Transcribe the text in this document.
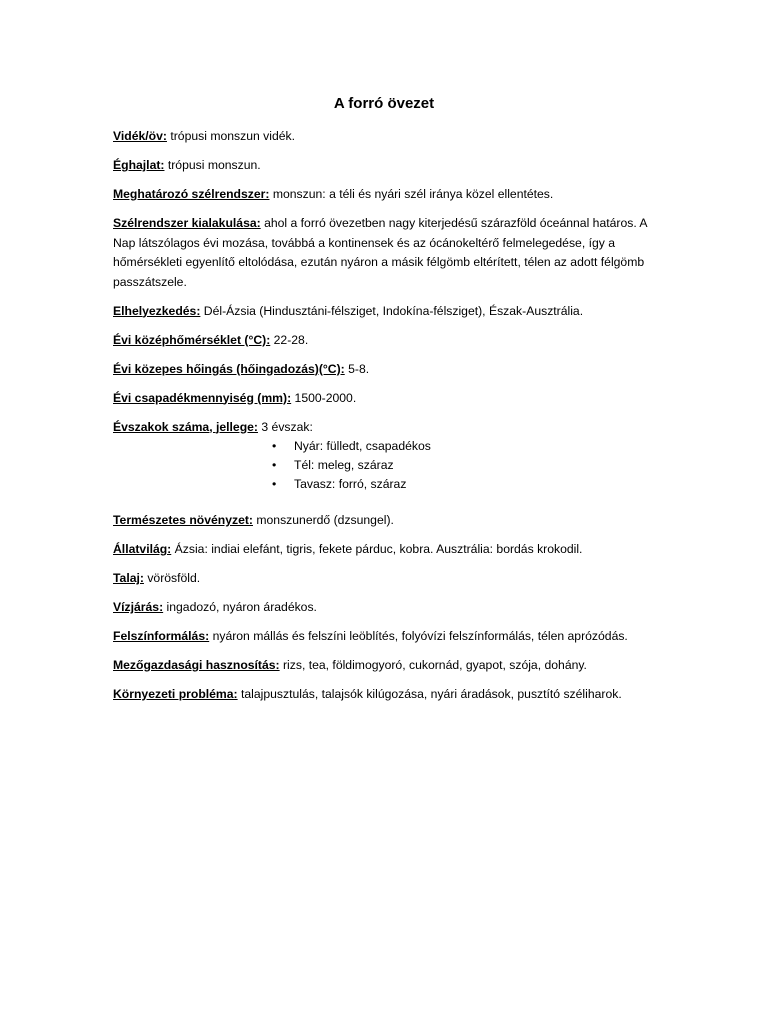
A forró övezet

Vidék/öv: trópusi monszun vidék.

Éghajlat: trópusi monszun.

Meghatározó szélrendszer: monszun: a téli és nyári szél iránya közel ellentétes.

Szélrendszer kialakulása: ahol a forró övezetben nagy kiterjedésű szárazföld óceánnal határos. A Nap látszólagos évi mozása, továbbá a kontinensek és az ócánokeltérő felmelegedése, így a hőmérsékleti egyenlítő eltolódása, ezután nyáron a másik félgömb eltérített, télen az adott félgömb passzátszele.

Elhelyezkedés: Dél-Ázsia (Hindusztáni-félsziget, Indokína-félsziget), Észak-Ausztrália.

Évi középhőmérséklet (°C): 22-28.

Évi közepes hőingás (hőingadozás)(°C): 5-8.

Évi csapadékmennyiség (mm): 1500-2000.

Évszakok száma, jellege: 3 évszak:

• Nyár: fülledt, csapadékos
• Tél: meleg, száraz
• Tavasz: forró, száraz

Természetes növényzet: monszunerdő (dzsungel).

Állatvilág: Ázsia: indiai elefánt, tigris, fekete párduc, kobra. Ausztrália: bordás krokodil.

Talaj: vörösföld.

Vízjárás: ingadozó, nyáron áradékos.

Felszínformálás: nyáron mállás és felszíni leöblítés, folyóvízi felszínformálás, télen aprózódás.

Mezőgazdasági hasznosítás: rizs, tea, földimogyoró, cukornád, gyapot, szója, dohány.

Környezeti probléma: talajpusztulás, talajsók kilúgozása, nyári áradások, pusztító széliharok.
